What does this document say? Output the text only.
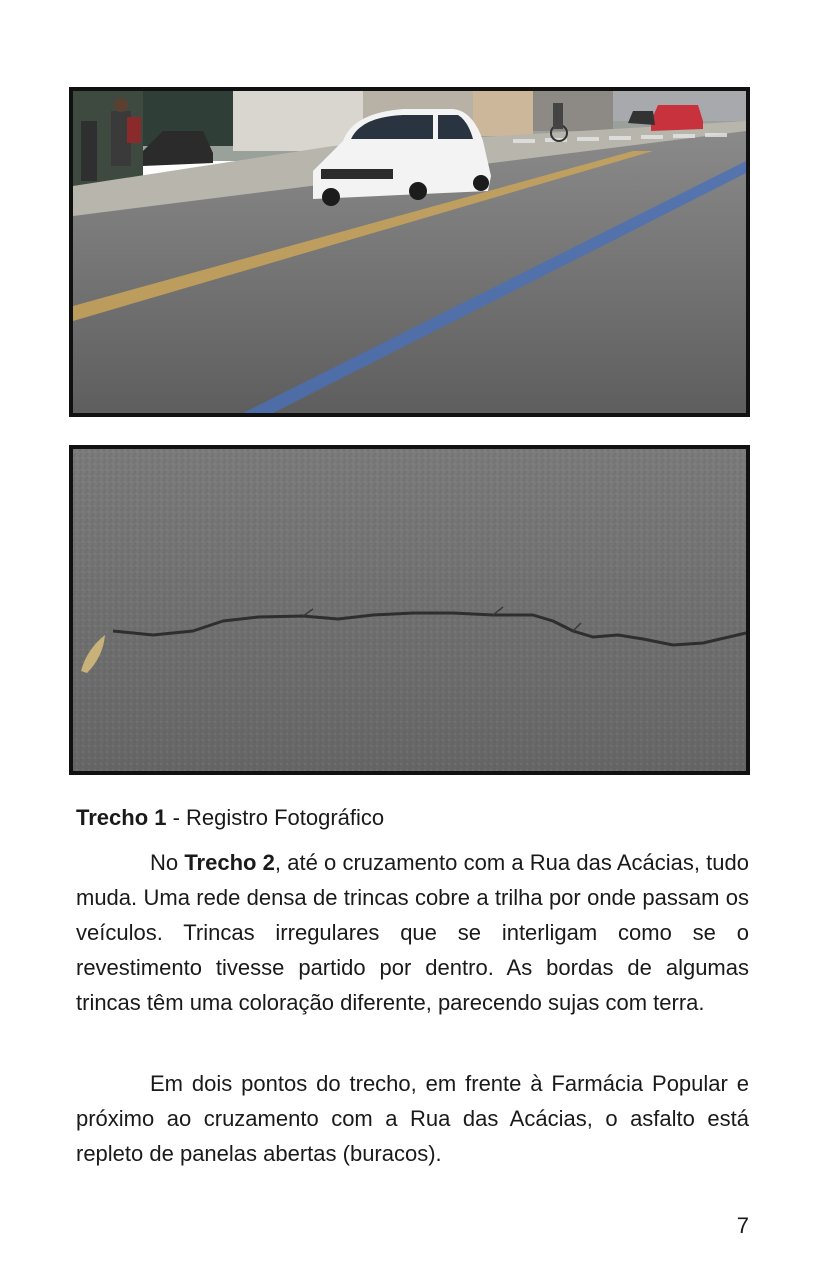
Trecho 1 - Registro Fotográfico

No Trecho 2, até o cruzamento com a Rua das Acácias, tudo muda. Uma rede densa de trincas cobre a trilha por onde passam os veículos. Trincas irregulares que se interligam como se o revestimento tivesse partido por dentro. As bordas de algumas trincas têm uma coloração diferente, parecendo sujas com terra.

Em dois pontos do trecho, em frente à Farmácia Popular e próximo ao cruzamento com a Rua das Acácias, o asfalto está repleto de panelas abertas (buracos).

7
